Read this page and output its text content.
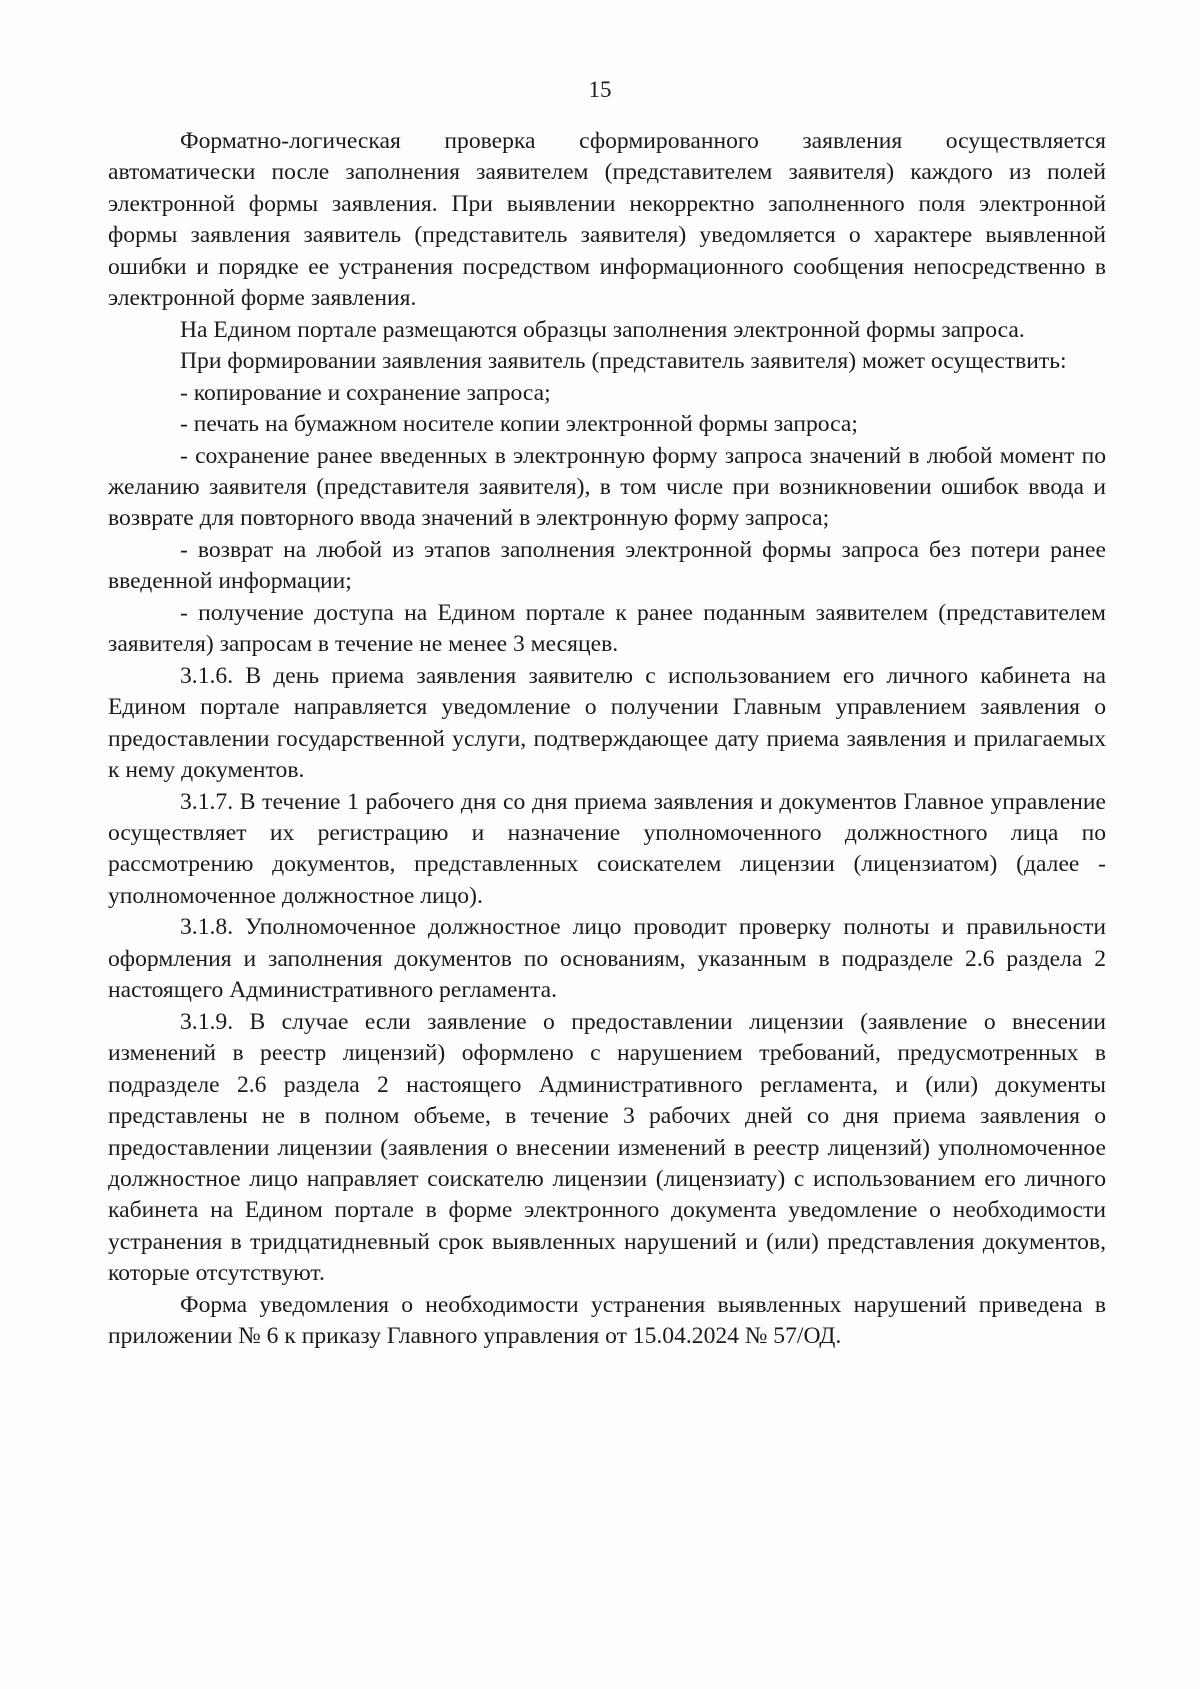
15

Форматно-логическая проверка сформированного заявления осуществляется автоматически после заполнения заявителем (представителем заявителя) каждого из полей электронной формы заявления. При выявлении некорректно заполненного поля электронной формы заявления заявитель (представитель заявителя) уведомляется о характере выявленной ошибки и порядке ее устранения посредством информационного сообщения непосредственно в электронной форме заявления.

На Едином портале размещаются образцы заполнения электронной формы запроса.

При формировании заявления заявитель (представитель заявителя) может осуществить:

- копирование и сохранение запроса;

- печать на бумажном носителе копии электронной формы запроса;

- сохранение ранее введенных в электронную форму запроса значений в любой момент по желанию заявителя (представителя заявителя), в том числе при возникновении ошибок ввода и возврате для повторного ввода значений в электронную форму запроса;

- возврат на любой из этапов заполнения электронной формы запроса без потери ранее введенной информации;

- получение доступа на Едином портале к ранее поданным заявителем (представителем заявителя) запросам в течение не менее 3 месяцев.

3.1.6. В день приема заявления заявителю с использованием его личного кабинета на Едином портале направляется уведомление о получении Главным управлением заявления о предоставлении государственной услуги, подтверждающее дату приема заявления и прилагаемых к нему документов.

3.1.7. В течение 1 рабочего дня со дня приема заявления и документов Главное управление осуществляет их регистрацию и назначение уполномоченного должностного лица по рассмотрению документов, представленных соискателем лицензии (лицензиатом) (далее - уполномоченное должностное лицо).

3.1.8. Уполномоченное должностное лицо проводит проверку полноты и правильности оформления и заполнения документов по основаниям, указанным в подразделе 2.6 раздела 2 настоящего Административного регламента.

3.1.9. В случае если заявление о предоставлении лицензии (заявление о внесении изменений в реестр лицензий) оформлено с нарушением требований, предусмотренных в подразделе 2.6 раздела 2 настоящего Административного регламента, и (или) документы представлены не в полном объеме, в течение 3 рабочих дней со дня приема заявления о предоставлении лицензии (заявления о внесении изменений в реестр лицензий) уполномоченное должностное лицо направляет соискателю лицензии (лицензиату) с использованием его личного кабинета на Едином портале в форме электронного документа уведомление о необходимости устранения в тридцатидневный срок выявленных нарушений и (или) представления документов, которые отсутствуют.

Форма уведомления о необходимости устранения выявленных нарушений приведена в приложении № 6 к приказу Главного управления от 15.04.2024 № 57/ОД.
